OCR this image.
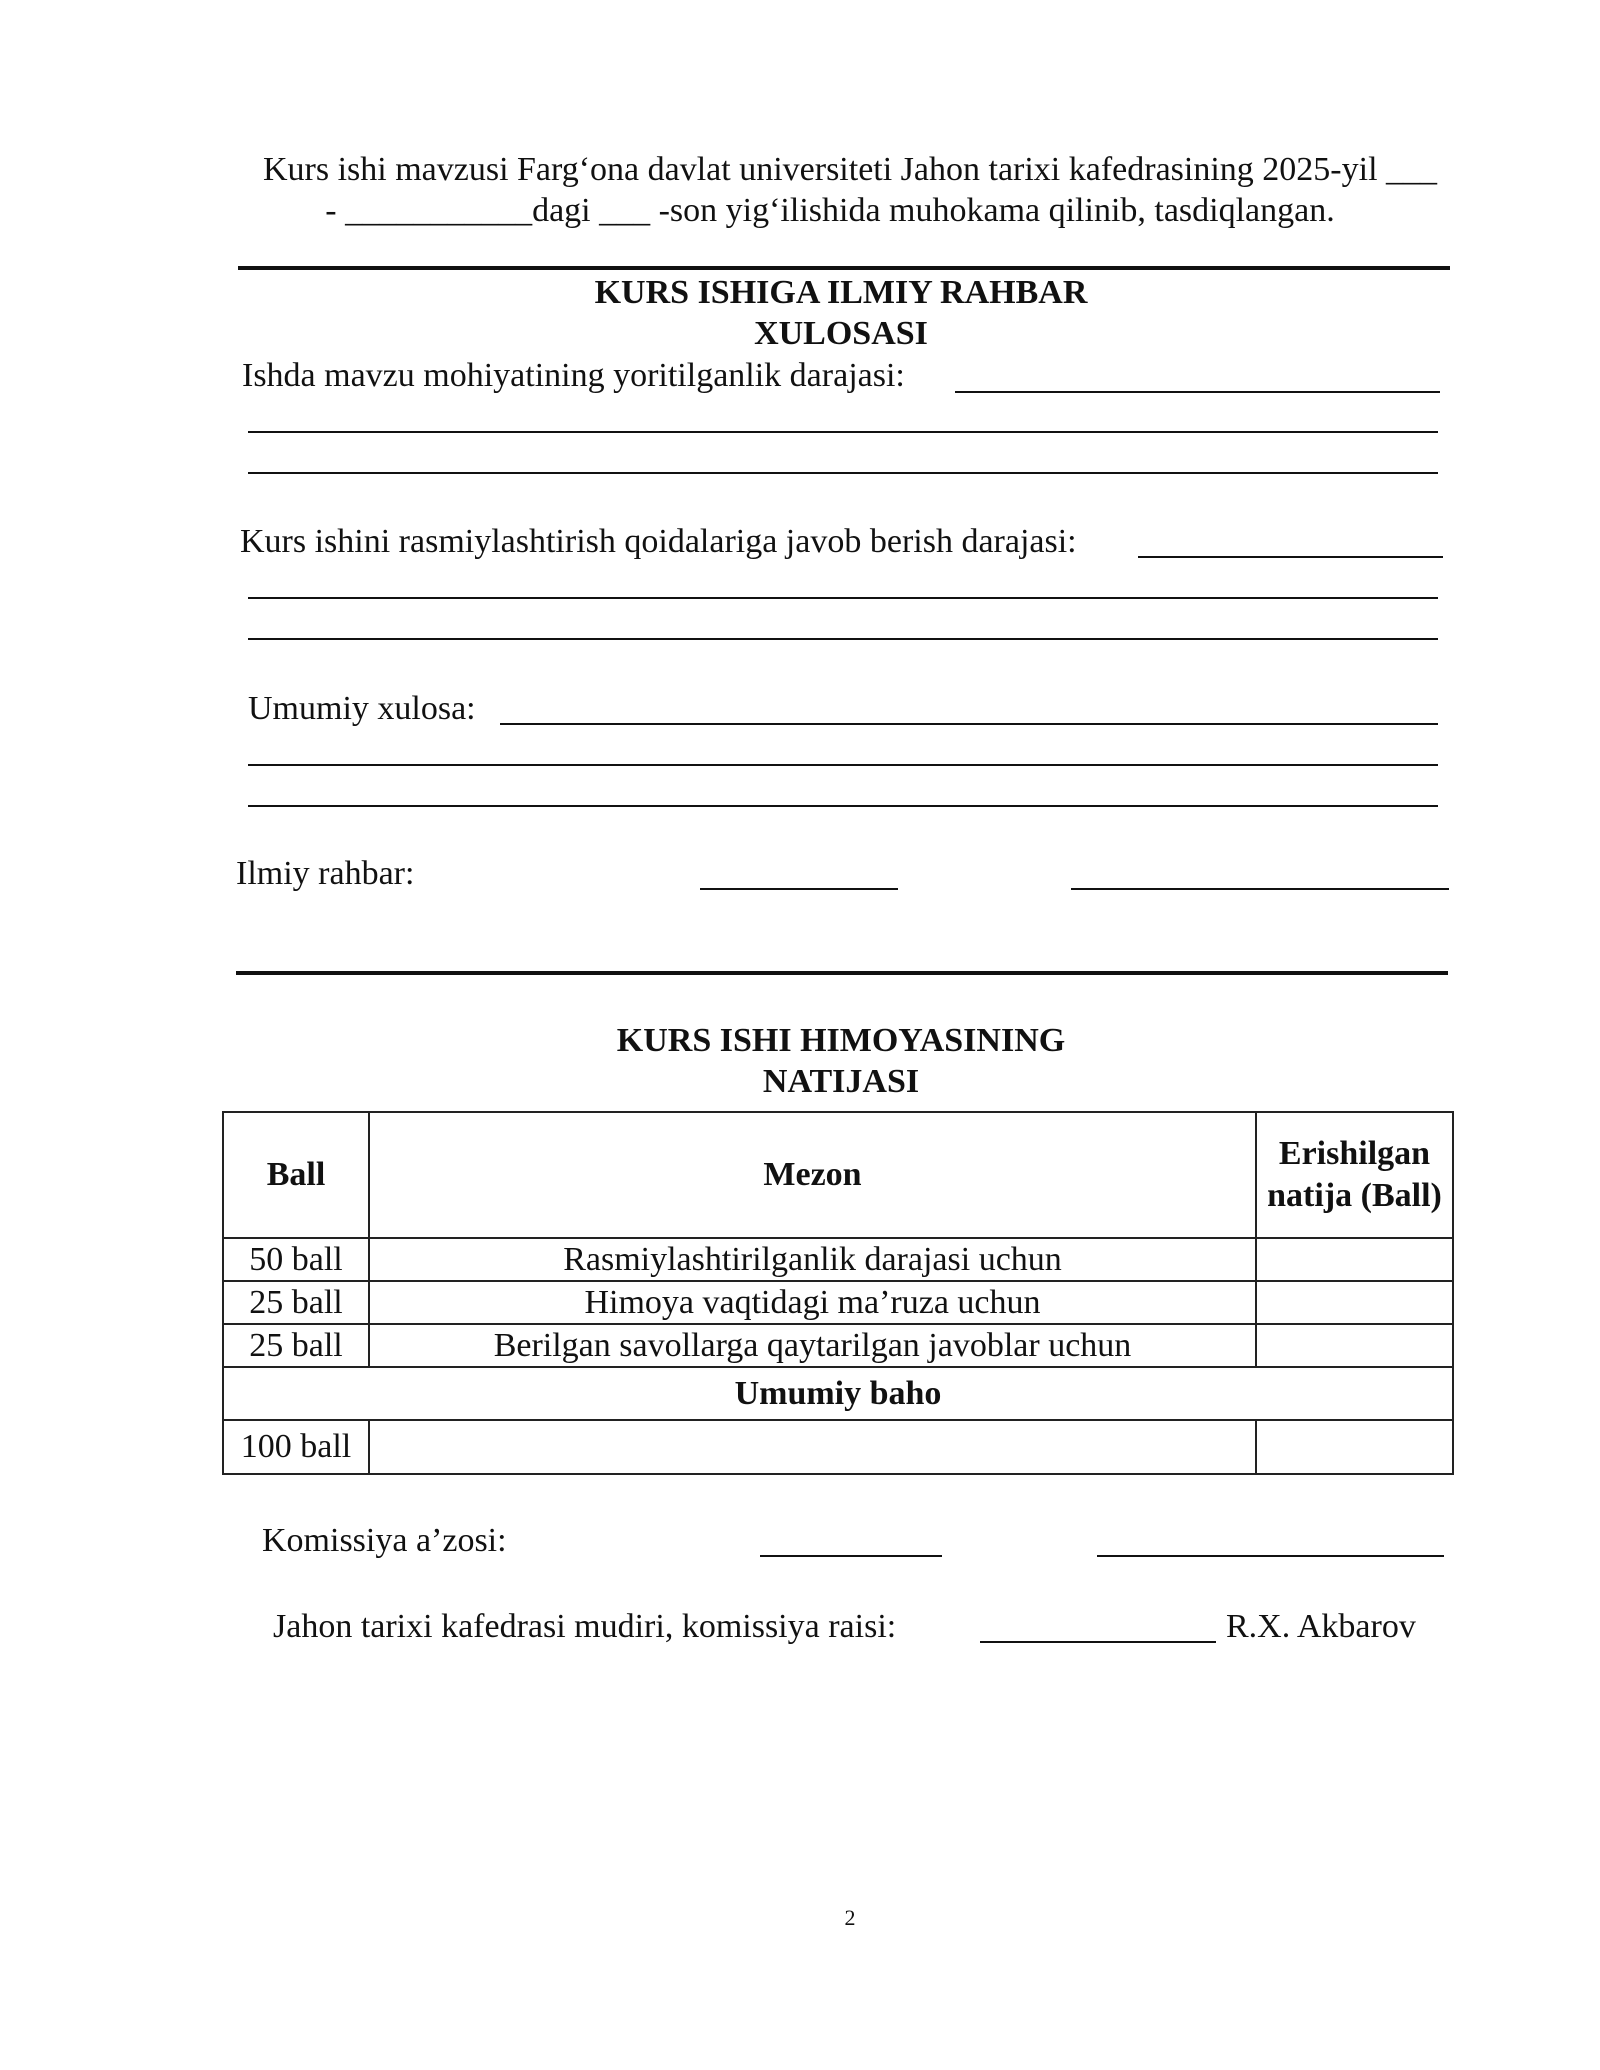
Kurs ishi mavzusi Farg‘ona davlat universiteti Jahon tarixi kafedrasining 2025-yil ___
- ___________dagi ___ -son yig‘ilishida muhokama qilinib, tasdiqlangan.
KURS ISHIGA ILMIY RAHBAR
XULOSASI
Ishda mavzu mohiyatining yoritilganlik darajasi:
Kurs ishini rasmiylashtirish qoidalariga javob berish darajasi:
Umumiy xulosa:
Ilmiy rahbar:
KURS ISHI HIMOYASINING
NATIJASI
Ball	Mezon	Erishilgan natija (Ball)
50 ball	Rasmiylashtirilganlik darajasi uchun	
25 ball	Himoya vaqtidagi ma’ruza uchun	
25 ball	Berilgan savollarga qaytarilgan javoblar uchun	
Umumiy baho		
100 ball		
Komissiya a’zosi:
Jahon tarixi kafedrasi mudiri, komissiya raisi:	R.X. Akbarov
2
